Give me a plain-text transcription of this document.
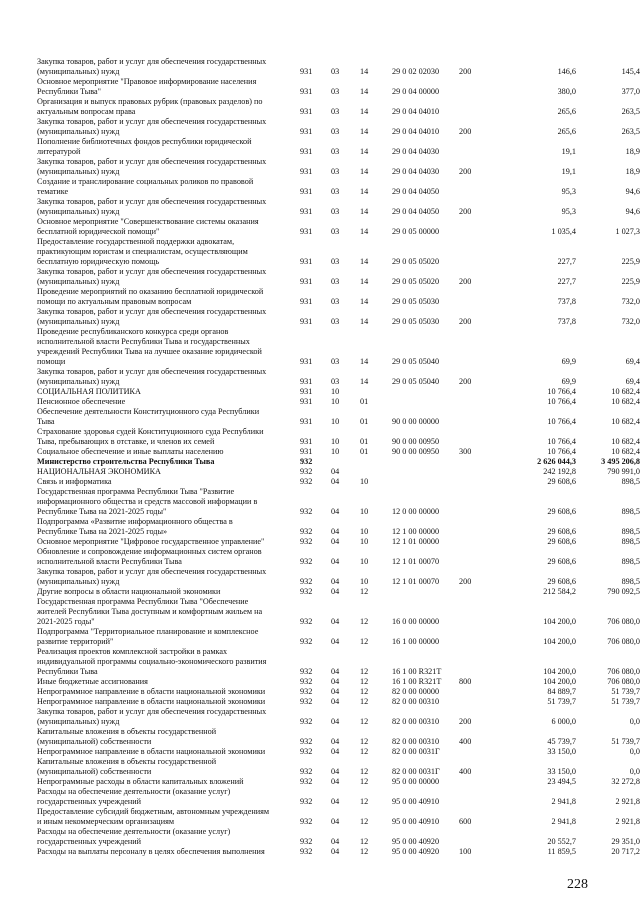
Закупка товаров, работ и услуг для обеспечения государственных
(муниципальных) нужд	931 03	14	29 0 02 02030 200	146,6	145,4
Основное мероприятие "Правовое информирование населения
Республики Тыва"	931 03	14	29 0 04 00000	380,0	377,0
Организация и выпуск правовых рубрик (правовых разделов) по
актуальным вопросам права	931 03	14	29 0 04 04010	265,6	263,5
Закупка товаров, работ и услуг для обеспечения государственных
(муниципальных) нужд	931 03	14	29 0 04 04010 200	265,6	263,5
Пополнение библиотечных фондов республики юридической
литературой	931 03	14	29 0 04 04030	19,1	18,9
Закупка товаров, работ и услуг для обеспечения государственных
(муниципальных) нужд	931 03	14	29 0 04 04030 200	19,1	18,9
Создание и транслирование социальных роликов по правовой
тематике	931 03	14	29 0 04 04050	95,3	94,6
Закупка товаров, работ и услуг для обеспечения государственных
(муниципальных) нужд	931 03	14	29 0 04 04050 200	95,3	94,6
Основное мероприятие "Совершенствование системы оказания
бесплатной юридической помощи"	931 03	14	29 0 05 00000	1 035,4	1 027,3
Предоставление государственной поддержки адвокатам,
практикующим юристам и специалистам, осуществляющим
бесплатную юридическую помощь	931 03	14	29 0 05 05020	227,7	225,9
Закупка товаров, работ и услуг для обеспечения государственных
(муниципальных) нужд	931 03	14	29 0 05 05020 200	227,7	225,9
Проведение мероприятий по оказанию бесплатной юридической
помощи по актуальным правовым вопросам	931 03	14	29 0 05 05030	737,8	732,0
Закупка товаров, работ и услуг для обеспечения государственных
(муниципальных) нужд	931 03	14	29 0 05 05030 200	737,8	732,0
Проведение республиканского конкурса среди органов
исполнительной власти Республики Тыва и государственных
учреждений Республики Тыва на лучшее оказание юридической
помощи	931 03	14	29 0 05 05040	69,9	69,4
Закупка товаров, работ и услуг для обеспечения государственных
(муниципальных) нужд	931 03	14	29 0 05 05040 200	69,9	69,4
СОЦИАЛЬНАЯ ПОЛИТИКА	931 10	10 766,4	10 682,4
Пенсионное обеспечение	931 10	01	10 766,4	10 682,4
Обеспечение деятельности Конституционного суда Республики
Тыва	931 10	01	90 0 00 00000	10 766,4	10 682,4
Страхование здоровья судей Конституционного суда Республики
Тыва, пребывающих в отставке, и членов их семей	931 10	01	90 0 00 00950	10 766,4	10 682,4
Социальное обеспечение и иные выплаты населению	931 10	01	90 0 00 00950 300	10 766,4	10 682,4
Министерство строительства Республики Тыва	932	2 626 044,3	3 495 206,8
НАЦИОНАЛЬНАЯ ЭКОНОМИКА	932 04	242 192,8	790 991,0
Связь и информатика	932 04	10	29 608,6	898,5
Государственная программа Республики Тыва "Развитие
информационного общества и средств массовой информации в
Республике Тыва на 2021-2025 годы"	932 04	10	12 0 00 00000	29 608,6	898,5
Подпрограмма «Развитие информационного общества в
Республике Тыва на 2021-2025 годы»	932 04	10	12 1 00 00000	29 608,6	898,5
Основное мероприятие "Цифровое государственное управление"	932 04	10	12 1 01 00000	29 608,6	898,5
Обновление и сопровождение информационных систем органов
исполнительной власти Республики Тыва	932 04	10	12 1 01 00070	29 608,6	898,5
Закупка товаров, работ и услуг для обеспечения государственных
(муниципальных) нужд	932 04	10	12 1 01 00070 200	29 608,6	898,5
Другие вопросы в области национальной экономики	932 04	12	212 584,2	790 092,5
Государственная программа Республики Тыва "Обеспечение
жителей Республики Тыва доступным и комфортным жильем на
2021-2025 годы"	932 04	12	16 0 00 00000	104 200,0	706 080,0
Подпрограмма "Территориальное планирование и комплексное
развитие территорий"	932 04	12	16 1 00 00000	104 200,0	706 080,0
Реализация проектов комплексной застройки в рамках
индивидуальной программы социально-экономического развития
Республики Тыва	932 04	12	16 1 00 R321Т	104 200,0	706 080,0
Иные бюджетные ассигнования	932 04	12	16 1 00 R321Т 800	104 200,0	706 080,0
Непрограммное направление в области национальной экономики	932 04	12	82 0 00 00000	84 889,7	51 739,7
Непрограммное направление в области национальной экономики	932 04	12	82 0 00 00310	51 739,7	51 739,7
Закупка товаров, работ и услуг для обеспечения государственных
(муниципальных) нужд	932 04	12	82 0 00 00310 200	6 000,0	0,0
Капитальные вложения в объекты государственной
(муниципальной) собственности	932 04	12	82 0 00 00310 400	45 739,7	51 739,7
Непрограммное направление в области национальной экономики	932 04	12	82 0 00 0031Г	33 150,0	0,0
Капитальные вложения в объекты государственной
(муниципальной) собственности	932 04	12	82 0 00 0031Г 400	33 150,0	0,0
Непрограммные расходы в области капитальных вложений	932 04	12	95 0 00 00000	23 494,5	32 272,8
Расходы на обеспечение деятельности (оказание услуг)
государственных учреждений	932 04	12	95 0 00 40910	2 941,8	2 921,8
Предоставление субсидий бюджетным, автономным учреждениям
и иным некоммерческим организациям	932 04	12	95 0 00 40910 600	2 941,8	2 921,8
Расходы на обеспечение деятельности (оказание услуг)
государственных учреждений	932 04	12	95 0 00 40920	20 552,7	29 351,0
Расходы на выплаты персоналу в целях обеспечения выполнения	932 04	12	95 0 00 40920 100	11 859,5	20 717,2
228
